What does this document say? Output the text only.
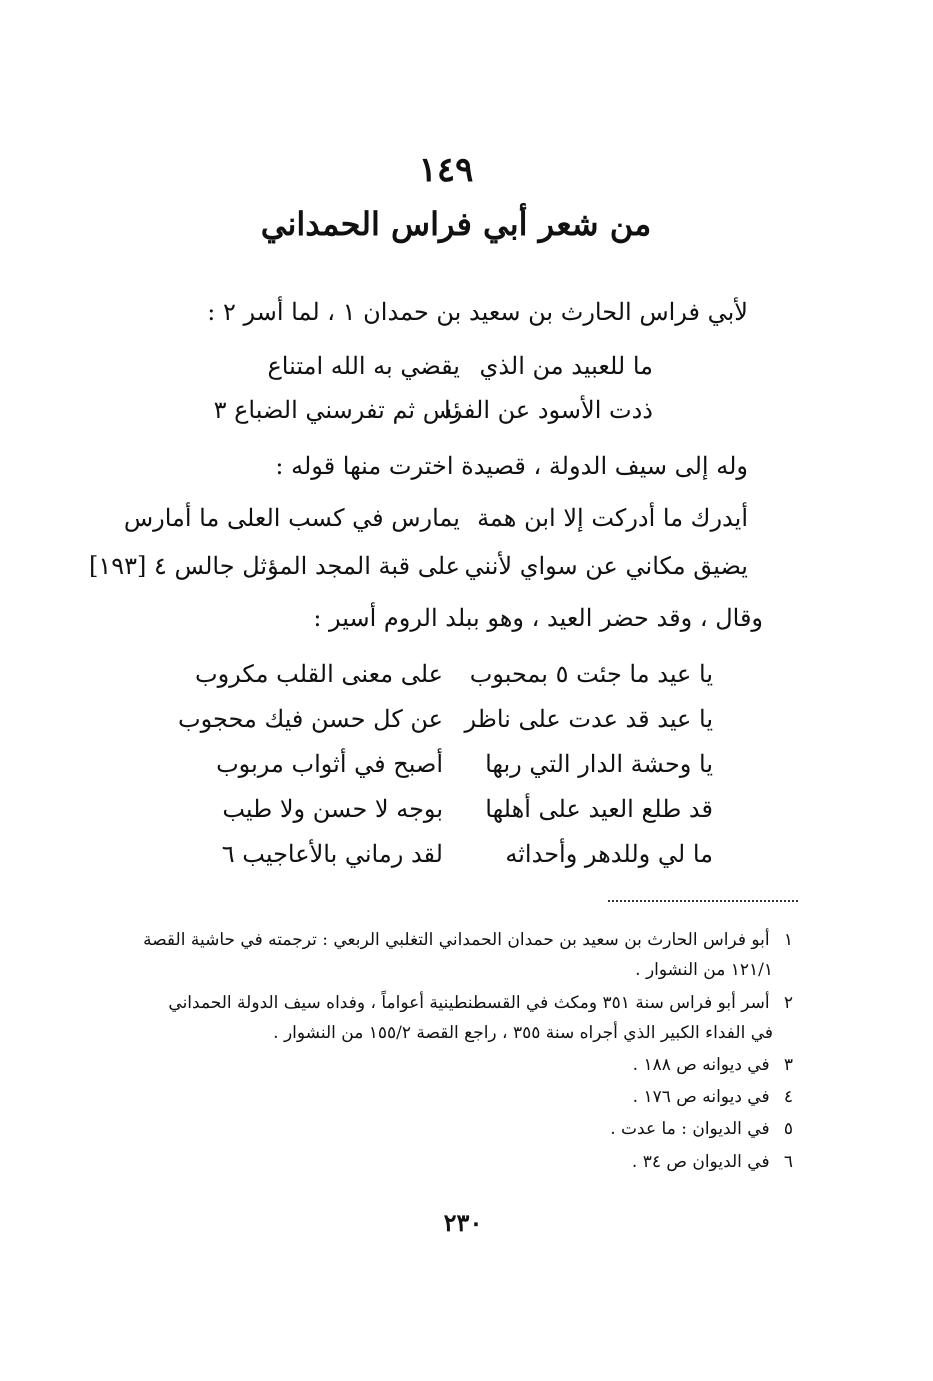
١٤٩
من شعر أبي فراس الحمداني
لأبي فراس الحارث بن سعيد بن حمدان ١ ، لما أسر ٢ :
ما للعبيد من الذي
يقضي به الله امتناع
ذدت الأسود عن الفرا
ئس ثم تفرسني الضباع ٣
وله إلى سيف الدولة ، قصيدة اخترت منها قوله :
أيدرك ما أدركت إلا ابن همة
يمارس في كسب العلى ما أمارس
يضيق مكاني عن سواي لأنني
على قبة المجد المؤثل جالس ٤ [١٩٣]
وقال ، وقد حضر العيد ، وهو ببلد الروم أسير :
يا عيد ما جئت ٥ بمحبوب
على معنى القلب مكروب
يا عيد قد عدت على ناظر
عن كل حسن فيك محجوب
يا وحشة الدار التي ربها
أصبح في أثواب مربوب
قد طلع العيد على أهلها
بوجه لا حسن ولا طيب
ما لي وللدهر وأحداثه
لقد رماني بالأعاجيب ٦
١ أبو فراس الحارث بن سعيد بن حمدان الحمداني التغلبي الربعي : ترجمته في حاشية القصة
١٢١/١ من النشوار .
٢ أسر أبو فراس سنة ٣٥١ ومكث في القسطنطينية أعواماً ، وفداه سيف الدولة الحمداني
في الفداء الكبير الذي أجراه سنة ٣٥٥ ، راجع القصة ١٥٥/٢ من النشوار .
٣ في ديوانه ص ١٨٨ .
٤ في ديوانه ص ١٧٦ .
٥ في الديوان : ما عدت .
٦ في الديوان ص ٣٤ .
٢٣٠
